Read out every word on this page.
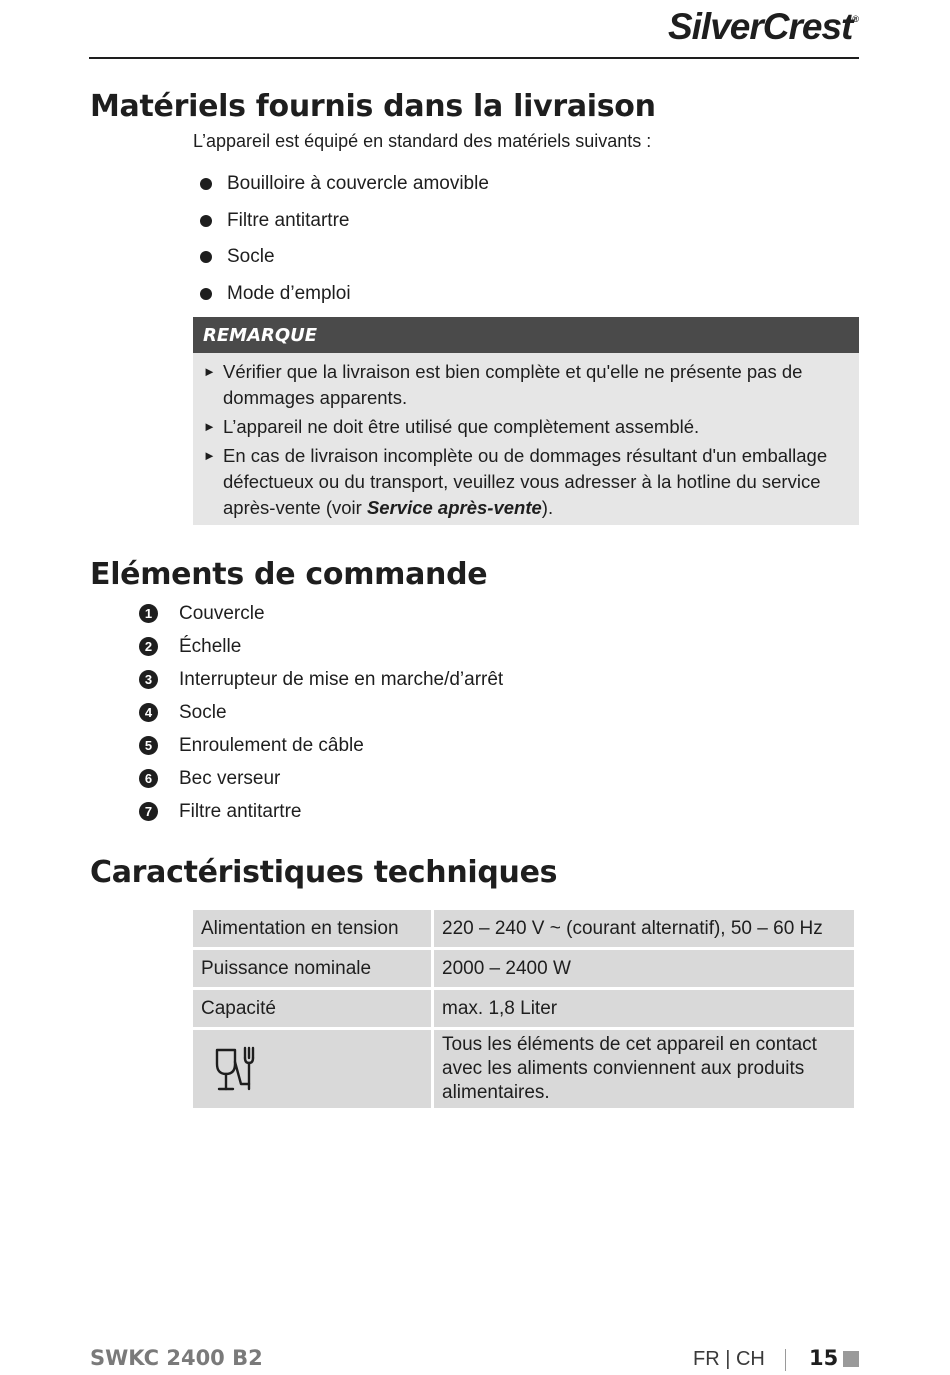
SilverCrest®
Matériels fournis dans la livraison

L’appareil est équipé en standard des matériels suivants :

Bouilloire à couvercle amovible
Filtre antitartre
Socle
Mode d’emploi
REMARQUE
► Vérifier que la livraison est bien complète et qu'elle ne présente pas de dommages apparents.
► L’appareil ne doit être utilisé que complètement assemblé.
► En cas de livraison incomplète ou de dommages résultant d'un emballage défectueux ou du transport, veuillez vous adresser à la hotline du service après-vente (voir Service après-vente).
Eléments de commande
1	Couvercle
2	Échelle
3	Interrupteur de mise en marche/d’arrêt
4	Socle
5	Enroulement de câble
6	Bec verseur
7	Filtre antitartre
Caractéristiques techniques
Alimentation en tension	220 – 240 V ~ (courant alternatif), 50 – 60 Hz
Puissance nominale	2000 – 2400 W
Capacité	max. 1,8 Liter

	Tous les éléments de cet appareil en contact avec les aliments conviennent aux produits alimentaires.
SWKC 2400 B2	FR | CH 15
